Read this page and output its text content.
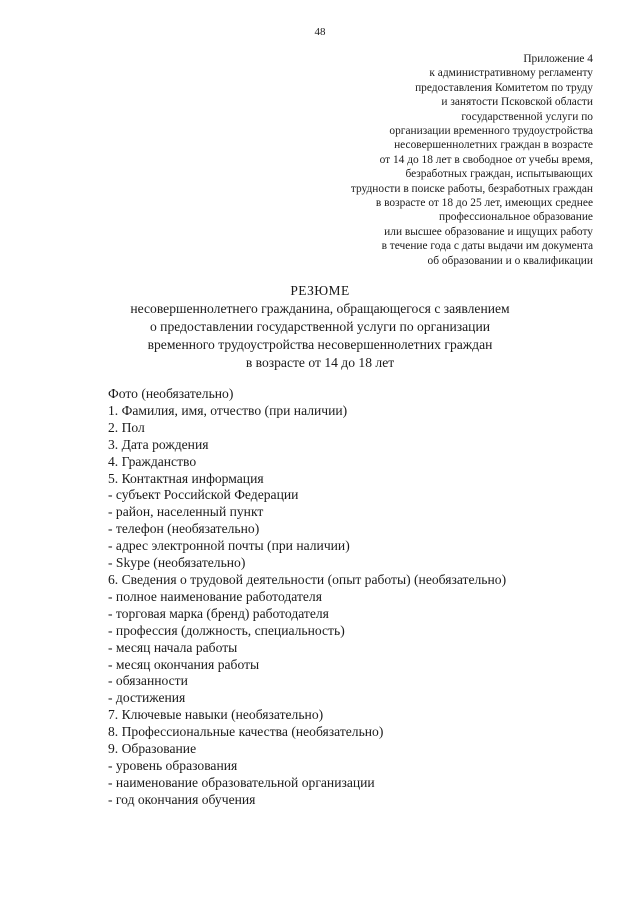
48
Приложение 4
к административному регламенту
предоставления Комитетом по труду
и занятости Псковской области
государственной услуги по
организации временного трудоустройства
несовершеннолетних граждан в возрасте
от 14 до 18 лет в свободное от учебы время,
безработных граждан, испытывающих
трудности в поиске работы, безработных граждан
в возрасте от 18 до 25 лет, имеющих среднее
профессиональное образование
или высшее образование и ищущих работу
в течение года с даты выдачи им документа
об образовании и о квалификации
РЕЗЮМЕ
несовершеннолетнего гражданина, обращающегося с заявлением
о предоставлении государственной услуги по организации
временного трудоустройства несовершеннолетних граждан
в возрасте от 14 до 18 лет
Фото (необязательно)
1. Фамилия, имя, отчество (при наличии)
2. Пол
3. Дата рождения
4. Гражданство
5. Контактная информация
- субъект Российской Федерации
- район, населенный пункт
- телефон (необязательно)
- адрес электронной почты (при наличии)
- Skype (необязательно)
6. Сведения о трудовой деятельности (опыт работы) (необязательно)
- полное наименование работодателя
- торговая марка (бренд) работодателя
- профессия (должность, специальность)
- месяц начала работы
- месяц окончания работы
- обязанности
- достижения
7. Ключевые навыки (необязательно)
8. Профессиональные качества (необязательно)
9. Образование
- уровень образования
- наименование образовательной организации
- год окончания обучения
